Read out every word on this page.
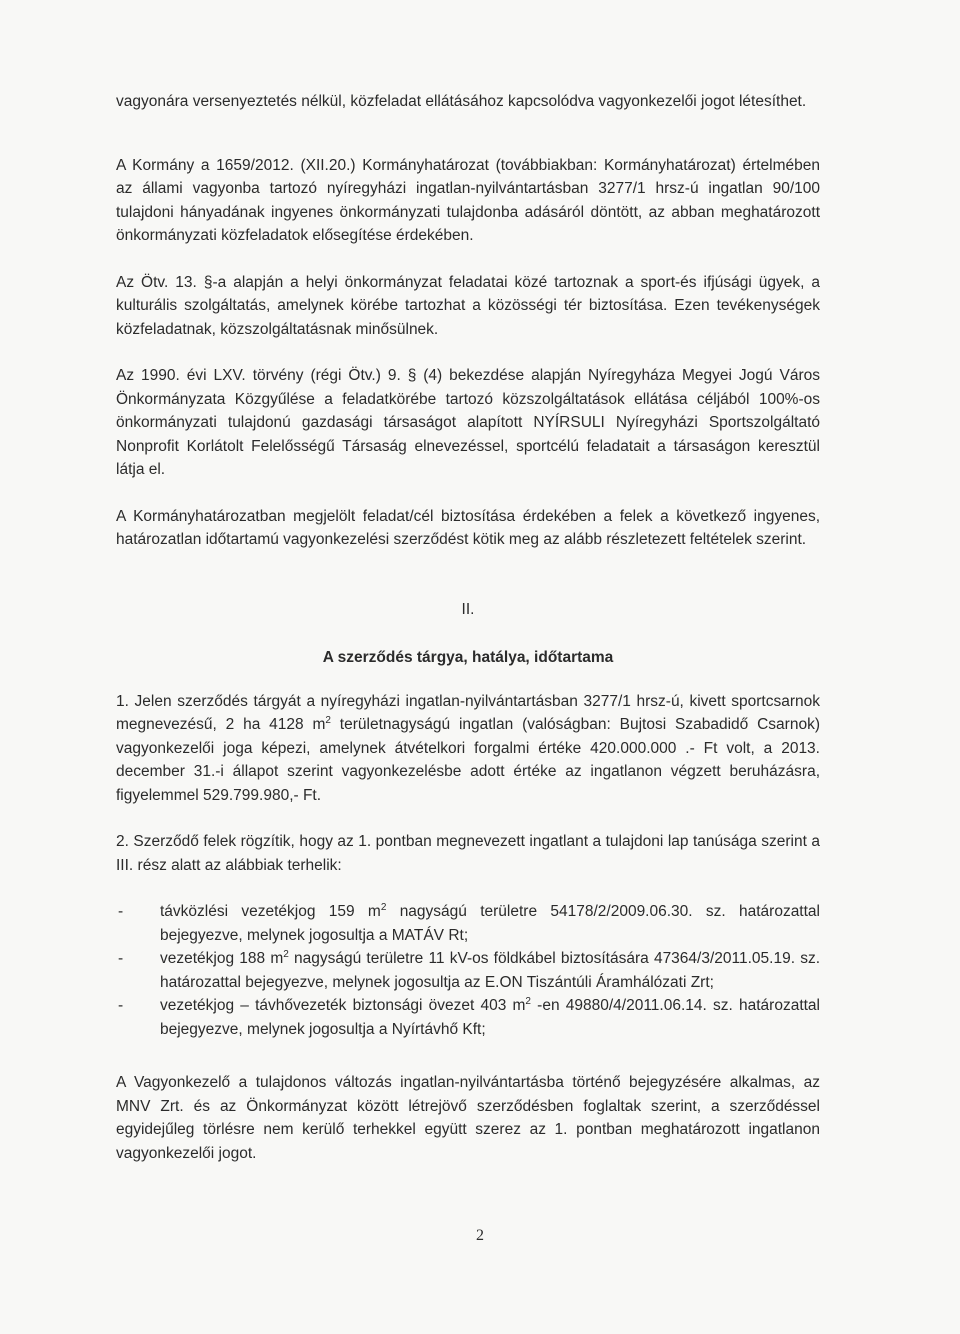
vagyonára versenyeztetés nélkül, közfeladat ellátásához kapcsolódva vagyonkezelői jogot létesíthet.

A Kormány a 1659/2012. (XII.20.) Kormányhatározat (továbbiakban: Kormányhatározat) értelmében az állami vagyonba tartozó nyíregyházi ingatlan-nyilvántartásban 3277/1 hrsz-ú ingatlan 90/100 tulajdoni hányadának ingyenes önkormányzati tulajdonba adásáról döntött, az abban meghatározott önkormányzati közfeladatok elősegítése érdekében.

Az Ötv. 13. §-a alapján a helyi önkormányzat feladatai közé tartoznak a sport-és ifjúsági ügyek, a kulturális szolgáltatás, amelynek körébe tartozhat a közösségi tér biztosítása. Ezen tevékenységek közfeladatnak, közszolgáltatásnak minősülnek.

Az 1990. évi LXV. törvény (régi Ötv.) 9. § (4) bekezdése alapján Nyíregyháza Megyei Jogú Város Önkormányzata Közgyűlése a feladatkörébe tartozó közszolgáltatások ellátása céljából 100%-os önkormányzati tulajdonú gazdasági társaságot alapított NYÍRSULI Nyíregyházi Sportszolgáltató Nonprofit Korlátolt Felelősségű Társaság elnevezéssel, sportcélú feladatait a társaságon keresztül látja el.

A Kormányhatározatban megjelölt feladat/cél biztosítása érdekében a felek a következő ingyenes, határozatlan időtartamú vagyonkezelési szerződést kötik meg az alább részletezett feltételek szerint.

II.

A szerződés tárgya, hatálya, időtartama

1. Jelen szerződés tárgyát a nyíregyházi ingatlan-nyilvántartásban 3277/1 hrsz-ú, kivett sportcsarnok megnevezésű, 2 ha 4128 $m^2$ területnagyságú ingatlan (valóságban: Bujtosi Szabadidő Csarnok) vagyonkezelői joga képezi, amelynek átvételkori forgalmi értéke 420.000.000 .- Ft volt, a 2013. december 31.-i állapot szerint vagyonkezelésbe adott értéke az ingatlanon végzett beruházásra, figyelemmel 529.799.980,- Ft.

2. Szerződő felek rögzítik, hogy az 1. pontban megnevezett ingatlant a tulajdoni lap tanúsága szerint a III. rész alatt az alábbiak terhelik:

- távközlési vezetékjog 159 $m^2$ nagyságú területre 54178/2/2009.06.30. sz. határozattal bejegyezve, melynek jogosultja a MATÁV Rt;
- vezetékjog 188 $m^2$ nagyságú területre 11 kV-os földkábel biztosítására 47364/3/2011.05.19. sz. határozattal bejegyezve, melynek jogosultja az E.ON Tiszántúli Áramhálózati Zrt;
- vezetékjog – távhővezeték biztonsági övezet 403 $m^2$ -en 49880/4/2011.06.14. sz. határozattal bejegyezve, melynek jogosultja a Nyírtávhő Kft;

A Vagyonkezelő a tulajdonos változás ingatlan-nyilvántartásba történő bejegyzésére alkalmas, az MNV Zrt. és az Önkormányzat között létrejövő szerződésben foglaltak szerint, a szerződéssel egyidejűleg törlésre nem kerülő terhekkel együtt szerez az 1. pontban meghatározott ingatlanon vagyonkezelői jogot.

2
